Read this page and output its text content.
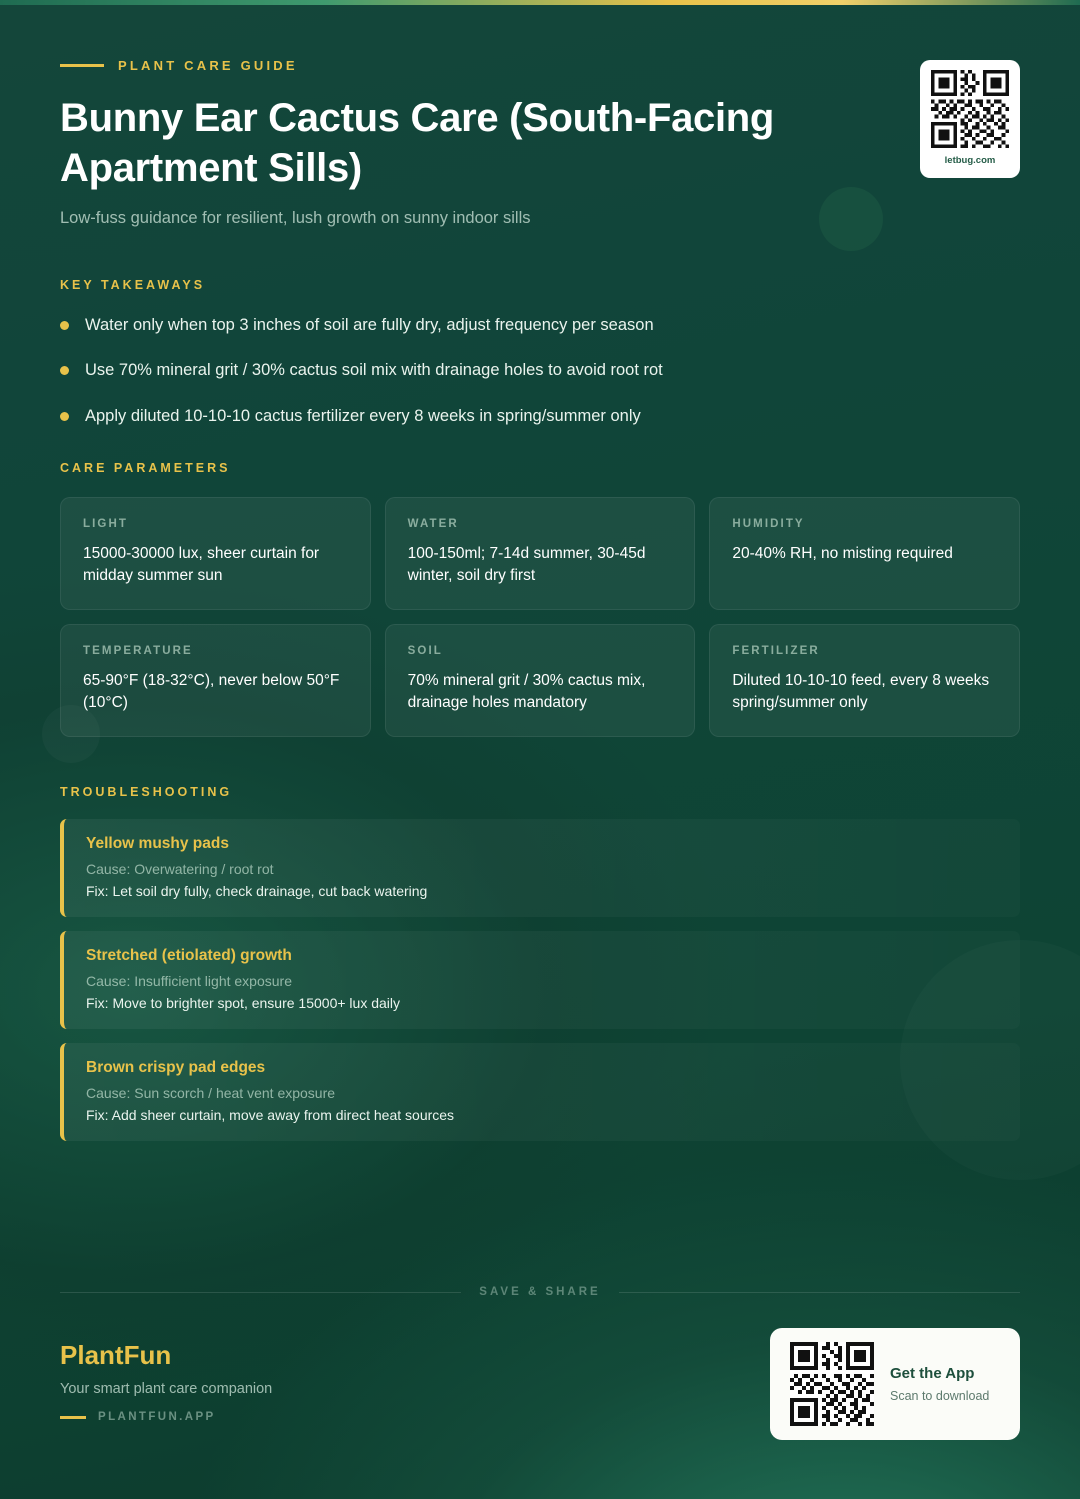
PLANT CARE GUIDE
Bunny Ear Cactus Care (South-Facing Apartment Sills)
Low-fuss guidance for resilient, lush growth on sunny indoor sills
letbug.com
KEY TAKEAWAYS
Water only when top 3 inches of soil are fully dry, adjust frequency per season
Use 70% mineral grit / 30% cactus soil mix with drainage holes to avoid root rot
Apply diluted 10-10-10 cactus fertilizer every 8 weeks in spring/summer only
CARE PARAMETERS
LIGHT
15000-30000 lux, sheer curtain for midday summer sun
WATER
100-150ml; 7-14d summer, 30-45d winter, soil dry first
HUMIDITY
20-40% RH, no misting required
TEMPERATURE
65-90°F (18-32°C), never below 50°F (10°C)
SOIL
70% mineral grit / 30% cactus mix, drainage holes mandatory
FERTILIZER
Diluted 10-10-10 feed, every 8 weeks spring/summer only
TROUBLESHOOTING
Yellow mushy pads
Cause: Overwatering / root rot
Fix: Let soil dry fully, check drainage, cut back watering
Stretched (etiolated) growth
Cause: Insufficient light exposure
Fix: Move to brighter spot, ensure 15000+ lux daily
Brown crispy pad edges
Cause: Sun scorch / heat vent exposure
Fix: Add sheer curtain, move away from direct heat sources
SAVE & SHARE
PlantFun
Your smart plant care companion
PLANTFUN.APP
Get the App
Scan to download
